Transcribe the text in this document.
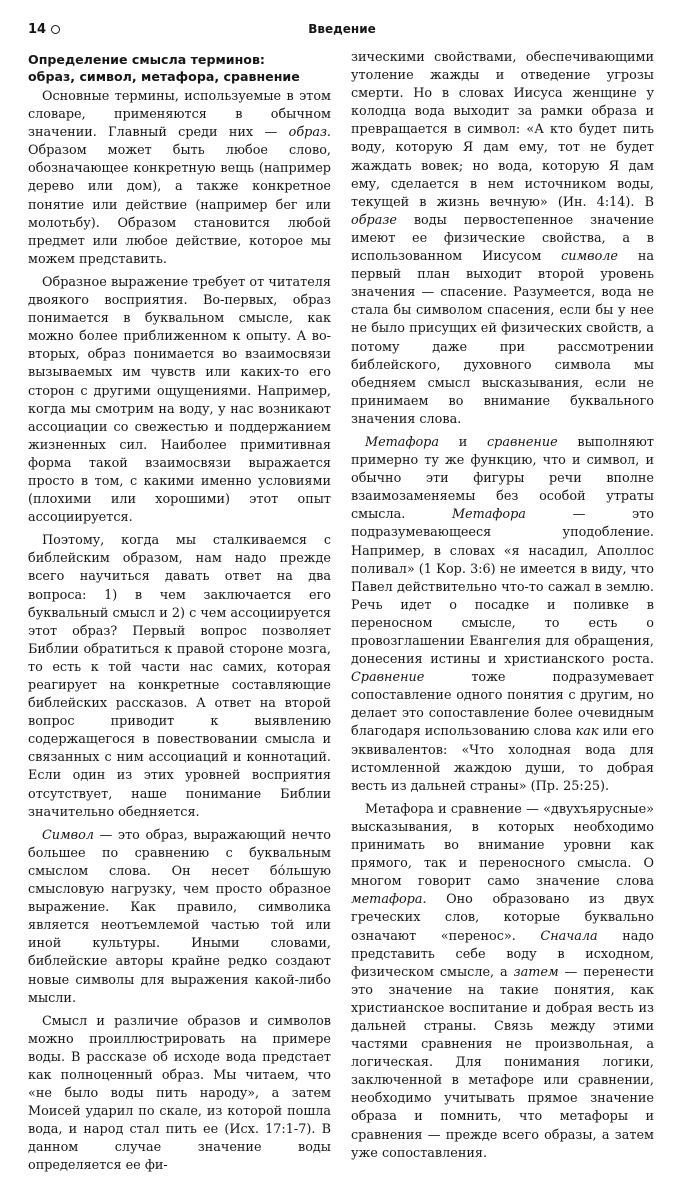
14	Введение
Определение смысла терминов:
образ, символ, метафора, сравнение

Основные термины, используемые в этом словаре, применяются в обычном значении. Главный среди них — образ. Образом может быть любое слово, обозначающее конкретную вещь (например дерево или дом), а также конкретное понятие или действие (например бег или молотьбу). Образом становится любой предмет или любое действие, которое мы можем представить.

Образное выражение требует от читателя двоякого восприятия. Во-первых, образ понимается в буквальном смысле, как можно более приближенном к опыту. А во-вторых, образ понимается во взаимосвязи вызываемых им чувств или каких-то его сторон с другими ощущениями. Например, когда мы смотрим на воду, у нас возникают ассоциации со свежестью и поддержанием жизненных сил. Наиболее примитивная форма такой взаимосвязи выражается просто в том, с какими именно условиями (плохими или хорошими) этот опыт ассоциируется.

Поэтому, когда мы сталкиваемся с библейским образом, нам надо прежде всего научиться давать ответ на два вопроса: 1) в чем заключается его буквальный смысл и 2) с чем ассоциируется этот образ? Первый вопрос позволяет Библии обратиться к правой стороне мозга, то есть к той части нас самих, которая реагирует на конкретные составляющие библейских рассказов. А ответ на второй вопрос приводит к выявлению содержащегося в повествовании смысла и связанных с ним ассоциаций и коннотаций. Если один из этих уровней восприятия отсутствует, наше понимание Библии значительно обедняется.

Символ — это образ, выражающий нечто большее по сравнению с буквальным смыслом слова. Он несет бо́льшую смысловую нагрузку, чем просто образное выражение. Как правило, символика является неотъемлемой частью той или иной культуры. Иными словами, библейские авторы крайне редко создают новые символы для выражения какой-либо мысли.

Смысл и различие образов и символов можно проиллюстрировать на примере воды. В рассказе об исходе вода предстает как полноценный образ. Мы читаем, что «не было воды пить народу», а затем Моисей ударил по скале, из которой пошла вода, и народ стал пить ее (Исх. 17:1-7). В данном случае значение воды определяется ее фи-

зическими свойствами, обеспечивающими утоление жажды и отведение угрозы смерти. Но в словах Иисуса женщине у колодца вода выходит за рамки образа и превращается в символ: «А кто будет пить воду, которую Я дам ему, тот не будет жаждать вовек; но вода, которую Я дам ему, сделается в нем источником воды, текущей в жизнь вечную» (Ин. 4:14). В образе воды первостепенное значение имеют ее физические свойства, а в использованном Иисусом символе на первый план выходит второй уровень значения — спасение. Разумеется, вода не стала бы символом спасения, если бы у нее не было присущих ей физических свойств, а потому даже при рассмотрении библейского, духовного символа мы обедняем смысл высказывания, если не принимаем во внимание буквального значения слова.

Метафора и сравнение выполняют примерно ту же функцию, что и символ, и обычно эти фигуры речи вполне взаимозаменяемы без особой утраты смысла. Метафора — это подразумевающееся уподобление. Например, в словах «я насадил, Аполлос поливал» (1 Кор. 3:6) не имеется в виду, что Павел действительно что-то сажал в землю. Речь идет о посадке и поливке в переносном смысле, то есть о провозглашении Евангелия для обращения, донесения истины и христианского роста. Сравнение тоже подразумевает сопоставление одного понятия с другим, но делает это сопоставление более очевидным благодаря использованию слова как или его эквивалентов: «Что холодная вода для истомленной жаждою души, то добрая весть из дальней страны» (Пр. 25:25).

Метафора и сравнение — «двухъярусные» высказывания, в которых необходимо принимать во внимание уровни как прямого, так и переносного смысла. О многом говорит само значение слова метафора. Оно образовано из двух греческих слов, которые буквально означают «перенос». Сначала надо представить себе воду в исходном, физическом смысле, а затем — перенести это значение на такие понятия, как христианское воспитание и добрая весть из дальней страны. Связь между этими частями сравнения не произвольная, а логическая. Для понимания логики, заключенной в метафоре или сравнении, необходимо учитывать прямое значение образа и помнить, что метафоры и сравнения — прежде всего образы, а затем уже сопоставления.
